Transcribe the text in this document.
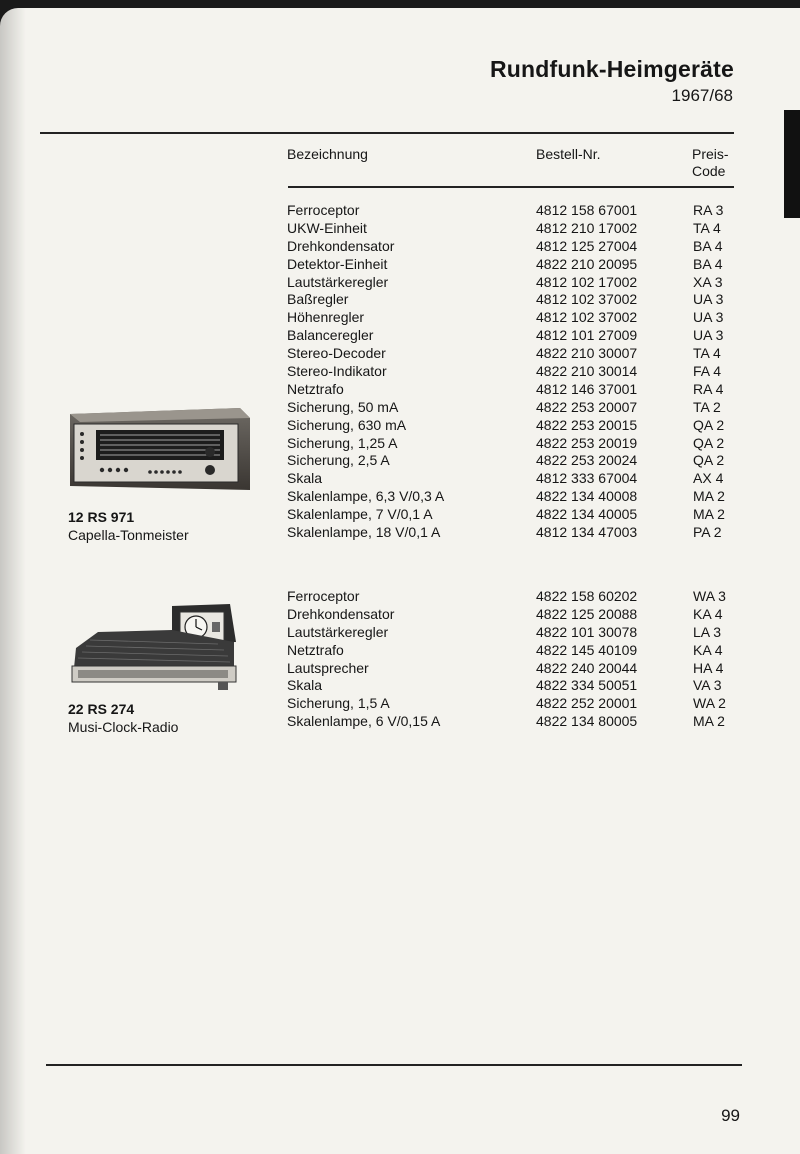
Rundfunk-Heimgeräte
1967/68
Bezeichnung	Bestell-Nr.	Preis-
Code
12 RS 971
Capella-Tonmeister
Ferroceptor	4812 158 67001	RA 3
UKW-Einheit	4812 210 17002	TA 4
Drehkondensator	4812 125 27004	BA 4
Detektor-Einheit	4822 210 20095	BA 4
Lautstärkeregler	4812 102 17002	XA 3
Baßregler	4812 102 37002	UA 3
Höhenregler	4812 102 37002	UA 3
Balanceregler	4812 101 27009	UA 3
Stereo-Decoder	4822 210 30007	TA 4
Stereo-Indikator	4822 210 30014	FA 4
Netztrafo	4812 146 37001	RA 4
Sicherung, 50 mA	4822 253 20007	TA 2
Sicherung, 630 mA	4822 253 20015	QA 2
Sicherung, 1,25 A	4822 253 20019	QA 2
Sicherung, 2,5 A	4822 253 20024	QA 2
Skala	4812 333 67004	AX 4
Skalenlampe, 6,3 V/0,3 A	4822 134 40008	MA 2
Skalenlampe, 7 V/0,1 A	4822 134 40005	MA 2
Skalenlampe, 18 V/0,1 A	4812 134 47003	PA 2
22 RS 274
Musi-Clock-Radio
Ferroceptor	4822 158 60202	WA 3
Drehkondensator	4822 125 20088	KA 4
Lautstärkeregler	4822 101 30078	LA 3
Netztrafo	4822 145 40109	KA 4
Lautsprecher	4822 240 20044	HA 4
Skala	4822 334 50051	VA 3
Sicherung, 1,5 A	4822 252 20001	WA 2
Skalenlampe, 6 V/0,15 A	4822 134 80005	MA 2
99
